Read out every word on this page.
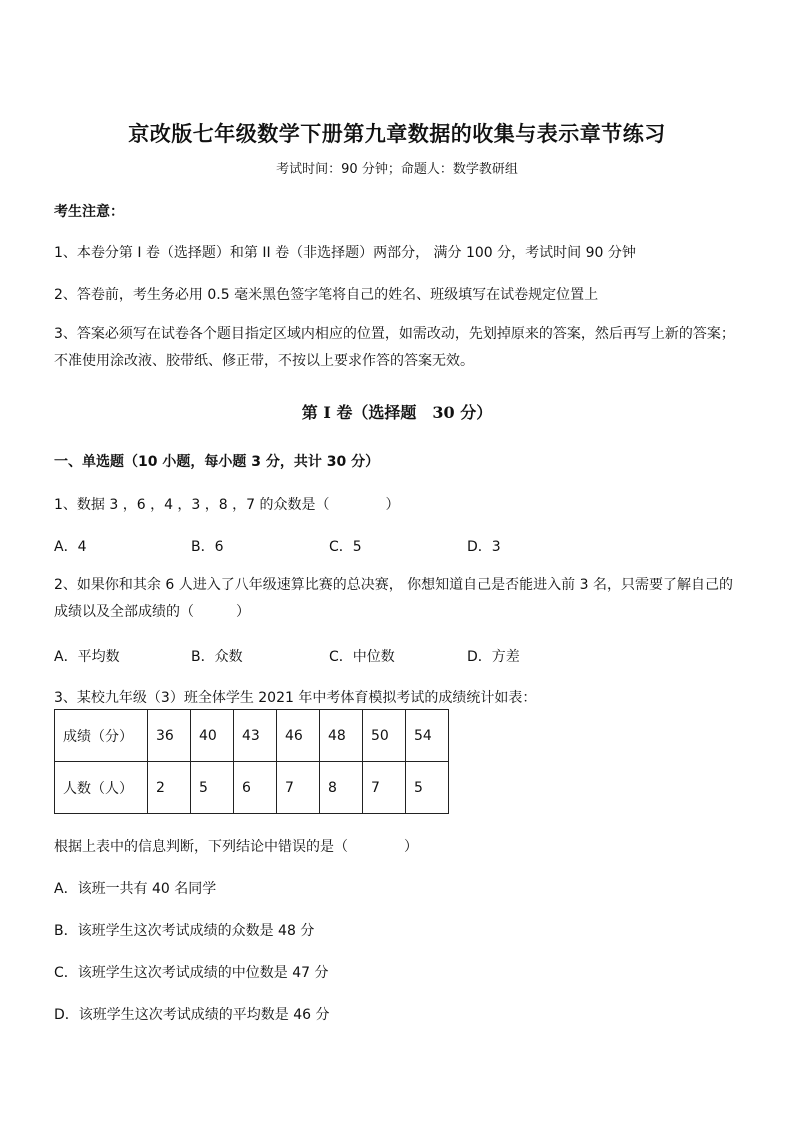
京改版七年级数学下册第九章数据的收集与表示章节练习
考试时间：90 分钟；命题人：数学教研组
考生注意：
1、本卷分第 I 卷（选择题）和第 II 卷（非选择题）两部分， 满分 100 分，考试时间 90 分钟
2、答卷前，考生务必用 0.5 毫米黑色签字笔将自己的姓名、班级填写在试卷规定位置上
3、答案必须写在试卷各个题目指定区域内相应的位置，如需改动，先划掉原来的答案，然后再写上新的答案；不准使用涂改液、胶带纸、修正带，不按以上要求作答的答案无效。
第 I 卷（选择题　30 分）
一、单选题（10 小题，每小题 3 分，共计 30 分）
1、数据 3 ，6 ，4 ，3 ，8 ，7 的众数是（　　　　）
A．4	B．6	C．5	D．3
2、如果你和其余 6 人进入了八年级速算比赛的总决赛， 你想知道自己是否能进入前 3 名，只需要了解自己的成绩以及全部成绩的（　　　）
A．平均数	B．众数	C．中位数	D．方差
3、某校九年级（3）班全体学生 2021 年中考体育模拟考试的成绩统计如表：
成绩（分）	36	40	43	46	48	50	54
人数（人）	2	5	6	7	8	7	5
根据上表中的信息判断，下列结论中错误的是（　　　　）
A．该班一共有 40 名同学
B．该班学生这次考试成绩的众数是 48 分
C．该班学生这次考试成绩的中位数是 47 分
D．该班学生这次考试成绩的平均数是 46 分
